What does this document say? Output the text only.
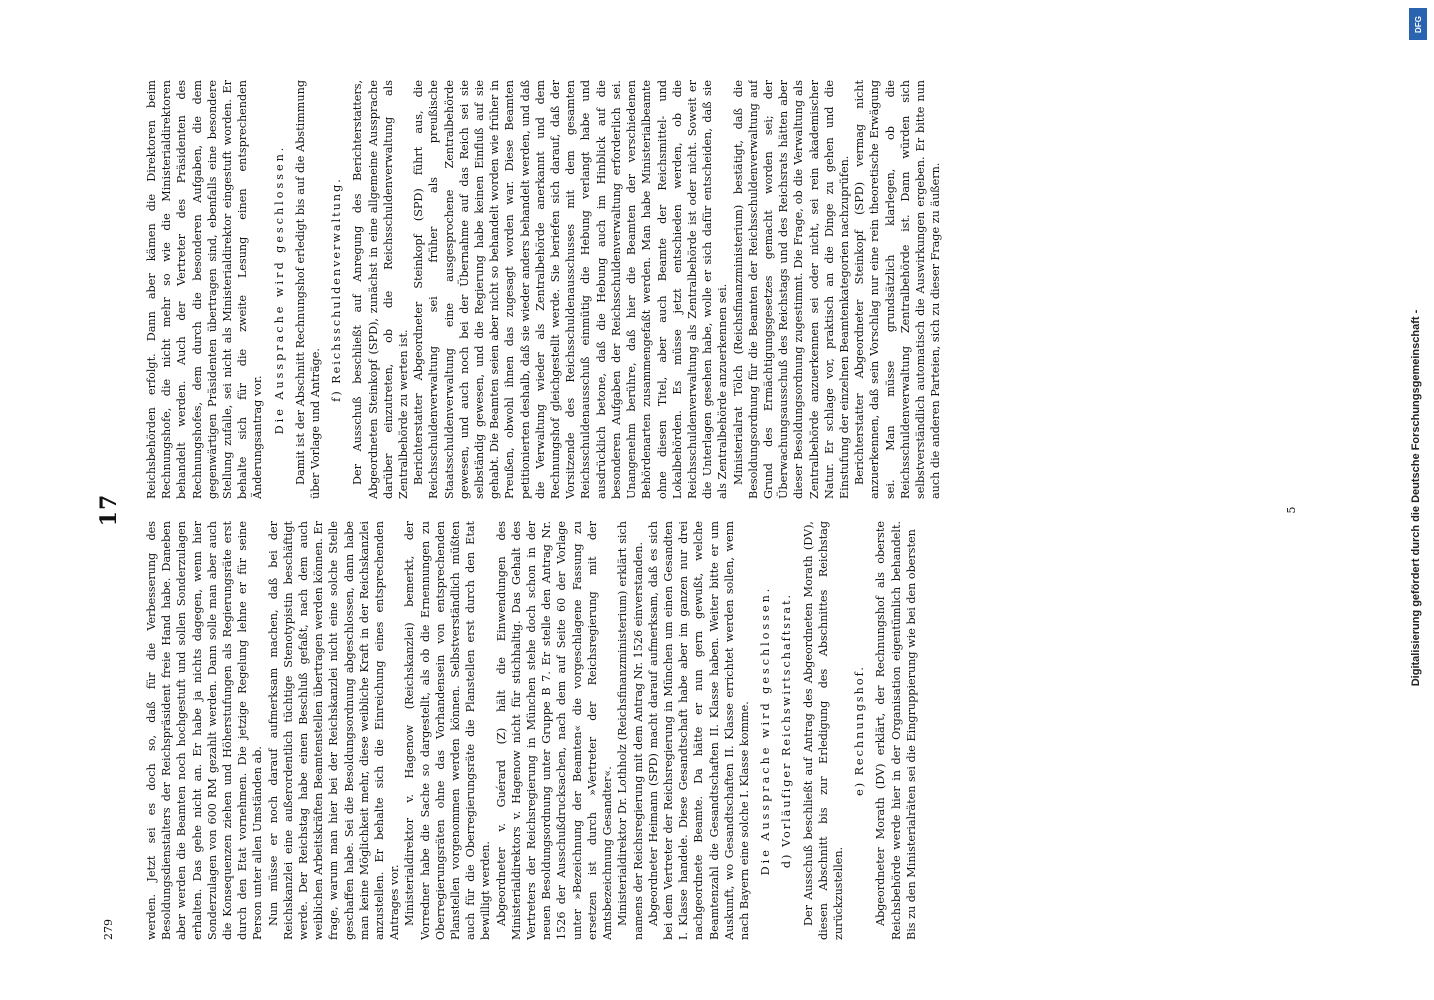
279
17

werden. Jetzt sei es doch so, daß für die Verbesserung des Besoldungsdienstalters der Reichspräsident freie Hand habe. Daneben aber werden die Beamten noch hochgestuft und sollen Sonderzulagen erhalten. Das gehe nicht an. Er habe ja nichts dagegen, wenn hier Sonderzulagen von 600 RM gezahlt werden. Dann solle man aber auch die Konsequenzen ziehen und Höherstufungen als Regierungsräte erst durch den Etat vornehmen. Die jetzige Regelung lehne er für seine Person unter allen Umständen ab. Nun müsse er noch darauf aufmerksam machen, daß bei der Reichskanzlei eine außerordentlich tüchtige Stenotypistin beschäftigt werde. Der Reichstag habe einen Beschluß gefaßt, nach dem auch weiblichen Arbeitskräften Beamtenstellen übertragen werden können. Er frage, warum man hier bei der Reichskanzlei nicht eine solche Stelle geschaffen habe. Sei die Besoldungsordnung abgeschlossen, dann habe man keine Möglichkeit mehr, diese weibliche Kraft in der Reichskanzlei anzustellen. Er behalte sich die Einreichung eines entsprechenden Antrages vor. Ministerialdirektor v. Hagenow (Reichskanzlei) bemerkt, der Vorredner habe die Sache so dargestellt, als ob die Ernennungen zu Oberregierungsräten ohne das Vorhandensein von entsprechenden Planstellen vorgenommen werden können. Selbstverständlich müßten auch für die Oberregierungsräte die Planstellen erst durch den Etat bewilligt werden. Abgeordneter v. Guérard (Z) hält die Einwendungen des Ministerialdirektors v. Hagenow nicht für stichhaltig. Das Gehalt des Vertreters der Reichsregierung in München stehe doch schon in der neuen Besoldungsordnung unter Gruppe B 7. Er stelle den Antrag Nr. 1526 der Ausschußdrucksachen, nach dem auf Seite 60 der Vorlage unter »Bezeichnung der Beamten« die vorgeschlagene Fassung zu ersetzen ist durch »Vertreter der Reichsregierung mit der Amtsbezeichnung Gesandter«. Ministerialdirektor Dr. Lothholz (Reichsfinanzministerium) erklärt sich namens der Reichsregierung mit dem Antrag Nr. 1526 einverstanden. Abgeordneter Heimann (SPD) macht darauf aufmerksam, daß es sich bei dem Vertreter der Reichsregierung in München um einen Gesandten I. Klasse handele. Diese Gesandtschaft habe aber im ganzen nur drei nachgeordnete Beamte. Da hätte er nun gern gewußt, welche Beamtenzahl die Gesandtschaften II. Klasse haben. Weiter bitte er um Auskunft, wo Gesandtschaften II. Klasse errichtet werden sollen, wenn nach Bayern eine solche I. Klasse komme. Die Aussprache wird geschlossen. d) Vorläufiger Reichswirtschaftsrat. Der Ausschuß beschließt auf Antrag des Abgeordneten Morath (DV), diesen Abschnitt bis zur Erledigung des Abschnittes Reichstag zurückzustellen.

e) Rechnungshof. Abgeordneter Morath (DV) erklärt, der Rechnungshof als oberste Reichsbehörde werde hier in der Organisation eigentümlich behandelt. Bis zu den Ministerialräten sei die Eingruppierung wie bei den obersten

Reichsbehörden erfolgt. Dann aber kämen die Direktoren beim Rechnungshofe, die nicht mehr so wie die Ministerialdirektoren behandelt werden. Auch der Vertreter des Präsidenten des Rechnungshofes, dem durch die besonderen Aufgaben, die dem gegenwärtigen Präsidenten übertragen sind, ebenfalls eine besondere Stellung zufalle, sei nicht als Ministerialdirektor eingestuft worden. Er behalte sich für die zweite Lesung einen entsprechenden Änderungsantrag vor.

Die Aussprache wird geschlossen. Damit ist der Abschnitt Rechnungshof erledigt bis auf die Abstimmung über Vorlage und Anträge.

f) Reichsschuldenverwaltung. Der Ausschuß beschließt auf Anregung des Berichterstatters, Abgeordneten Steinkopf (SPD), zunächst in eine allgemeine Aussprache darüber einzutreten, ob die Reichsschuldenverwaltung als Zentralbehörde zu werten ist. Berichterstatter Abgeordneter Steinkopf (SPD) führt aus, die Reichsschuldenverwaltung sei früher als preußische Staatsschuldenverwaltung eine ausgesprochene Zentralbehörde gewesen, und auch noch bei der Übernahme auf das Reich sei sie selbständig gewesen, und die Regierung habe keinen Einfluß auf sie gehabt. Die Beamten seien aber nicht so behandelt worden wie früher in Preußen, obwohl ihnen das zugesagt worden war. Diese Beamten petitionierten deshalb, daß sie wieder anders behandelt werden, und daß die Verwaltung wieder als Zentralbehörde anerkannt und dem Rechnungshof gleichgestellt werde. Sie beriefen sich darauf, daß der Vorsitzende des Reichsschuldenausschusses mit dem gesamten Reichsschuldenausschuß einmütig die Hebung verlangt habe und ausdrücklich betone, daß die Hebung auch im Hinblick auf die besonderen Aufgaben der Reichsschuldenverwaltung erforderlich sei. Unangenehm berühre, daß hier die Beamten der verschiedenen Behördenarten zusammengefaßt werden. Man habe Ministerialbeamte ohne diesen Titel, aber auch Beamte der Reichsmittel- und Lokalbehörden. Es müsse jetzt entschieden werden, ob die Reichsschuldenverwaltung als Zentralbehörde ist oder nicht. Soweit er die Unterlagen gesehen habe, wolle er sich dafür entscheiden, daß sie als Zentralbehörde anzuerkennen sei. Ministerialrat Tölch (Reichsfinanzministerium) bestätigt, daß die Besoldungsordnung für die Beamten der Reichsschuldenverwaltung auf Grund des Ermächtigungsgesetzes gemacht worden sei; der Überwachungsausschuß des Reichstags und des Reichsrats hätten aber dieser Besoldungsordnung zugestimmt. Die Frage, ob die Verwaltung als Zentralbehörde anzuerkennen sei oder nicht, sei rein akademischer Natur. Er schlage vor, praktisch an die Dinge zu gehen und die Einstufung der einzelnen Beamtenkategorien nachzuprüfen. Berichterstatter Abgeordneter Steinkopf (SPD) vermag nicht anzuerkennen, daß sein Vorschlag nur eine rein theoretische Erwägung sei. Man müsse grundsätzlich klarlegen, ob die Reichsschuldenverwaltung Zentralbehörde ist. Dann würden sich selbstverständlich automatisch die Auswirkungen ergeben. Er bitte nun auch die anderen Parteien, sich zu dieser Frage zu äußern.

5	Digitalisierung gefördert durch die Deutsche Forschungsgemeinschaft -
DFG
